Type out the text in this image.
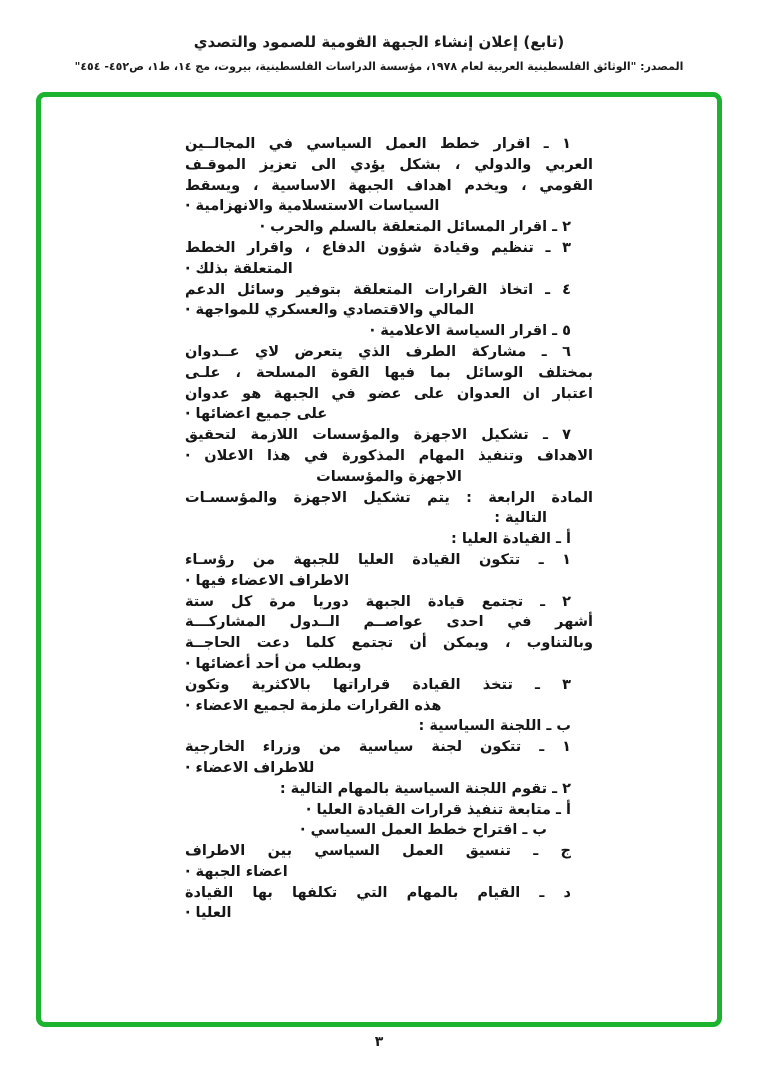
(تابع) إعلان إنشاء الجبهة القومية للصمود والتصدي
المصدر: "الوثائق الفلسطينية العربية لعام ١٩٧٨، مؤسسة الدراسات الفلسطينية، بيروت، مج ١٤، ط١، ص٤٥٢- ٤٥٤"
١ ـ اقرار خطط العمل السياسي في المجالــين
العربي والدولي ، بشكل يؤدي الى تعزيز الموقـف
القومي ، ويخدم اهداف الجبهة الاساسية ، ويسقط
السياسات الاستسلامية والانهزامية ·
٢ ـ اقرار المسائل المتعلقة بالسلم والحرب ·
٣ ـ تنظيم وقيادة شؤون الدفاع ، واقرار الخطط
المتعلقة بذلك ·
٤ ـ اتخاذ القرارات المتعلقة بتوفير وسائل الدعم
المالي والاقتصادي والعسكري للمواجهة ·
٥ ـ اقرار السياسة الاعلامية ·
٦ ـ مشاركة الطرف الذي يتعرض لاي عــدوان
بمختلف الوسائل بما فيها القوة المسلحة ، علـى
اعتبار ان العدوان على عضو في الجبهة هو عدوان
على جميع اعضائها ·
٧ ـ تشكيل الاجهزة والمؤسسات اللازمة لتحقيق
الاهداف وتنفيذ المهام المذكورة في هذا الاعلان ·
الاجهزة والمؤسسات
المادة الرابعة : يتم تشكيل الاجهزة والمؤسسـات
التالية :
أ ـ القيادة العليا :
١ ـ تتكون القيادة العليا للجبهة من رؤسـاء
الاطراف الاعضاء فيها ·
٢ ـ تجتمع قيادة الجبهة دوريا مرة كل ستة
أشهر في احدى عواصــم الــدول المشاركـــة
وبالتناوب ، ويمكن أن تجتمع كلما دعت الحاجــة
وبطلب من أحد أعضائها ·
٣ ـ تتخذ القيادة قراراتها بالاكثرية وتكون
هذه القرارات ملزمة لجميع الاعضاء ·
ب ـ اللجنة السياسية :
١ ـ تتكون لجنة سياسية من وزراء الخارجية
للاطراف الاعضاء ·
٢ ـ تقوم اللجنة السياسية بالمهام التالية :
أ ـ متابعة تنفيذ قرارات القيادة العليا ·
ب ـ اقتراح خطط العمل السياسي ·
ج ـ تنسيق العمل السياسي بين الاطراف
اعضاء الجبهة ·
د ـ القيام بالمهام التي تكلفها بها القيادة
العليا ·
٣
